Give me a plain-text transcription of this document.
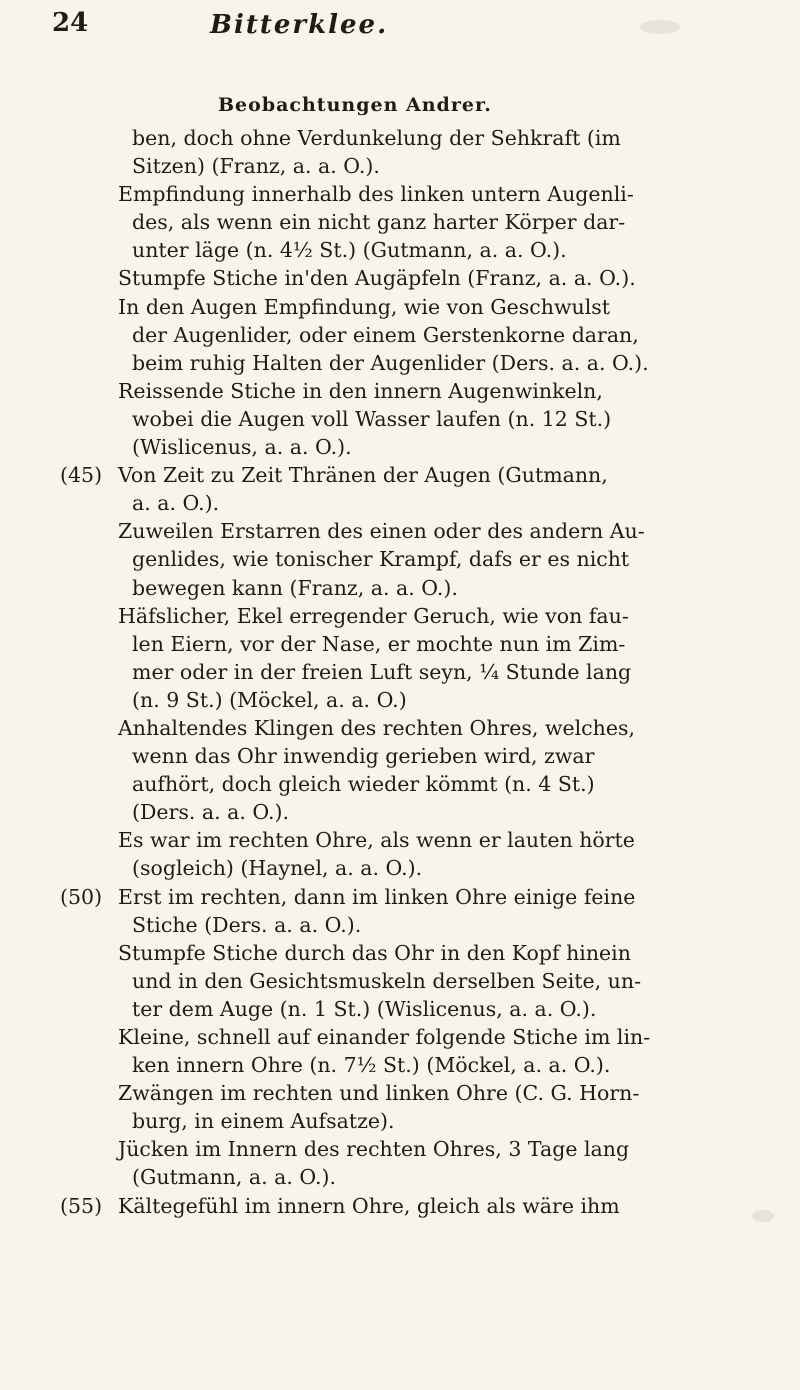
24	Bitterklee.
Beobachtungen Andrer.
ben, doch ohne Verdunkelung der Sehkraft (im
Sitzen) (Franz, a. a. O.).
Empfindung innerhalb des linken untern Augenli-
des, als wenn ein nicht ganz harter Körper dar-
unter läge (n. 4½ St.) (Gutmann, a. a. O.).
Stumpfe Stiche in'den Augäpfeln (Franz, a. a. O.).
In den Augen Empfindung, wie von Geschwulst
der Augenlider, oder einem Gerstenkorne daran,
beim ruhig Halten der Augenlider (Ders. a. a. O.).
Reissende Stiche in den innern Augenwinkeln,
wobei die Augen voll Wasser laufen (n. 12 St.)
(Wislicenus, a. a. O.).
(45) Von Zeit zu Zeit Thränen der Augen (Gutmann,
a. a. O.).
Zuweilen Erstarren des einen oder des andern Au-
genlides, wie tonischer Krampf, dafs er es nicht
bewegen kann (Franz, a. a. O.).
Häfslicher, Ekel erregender Geruch, wie von fau-
len Eiern, vor der Nase, er mochte nun im Zim-
mer oder in der freien Luft seyn, ¼ Stunde lang
(n. 9 St.) (Möckel, a. a. O.)
Anhaltendes Klingen des rechten Ohres, welches,
wenn das Ohr inwendig gerieben wird, zwar
aufhört, doch gleich wieder kömmt (n. 4 St.)
(Ders. a. a. O.).
Es war im rechten Ohre, als wenn er lauten hörte
(sogleich) (Haynel, a. a. O.).
(50) Erst im rechten, dann im linken Ohre einige feine
Stiche (Ders. a. a. O.).
Stumpfe Stiche durch das Ohr in den Kopf hinein
und in den Gesichtsmuskeln derselben Seite, un-
ter dem Auge (n. 1 St.) (Wislicenus, a. a. O.).
Kleine, schnell auf einander folgende Stiche im lin-
ken innern Ohre (n. 7½ St.) (Möckel, a. a. O.).
Zwängen im rechten und linken Ohre (C. G. Horn-
burg, in einem Aufsatze).
Jücken im Innern des rechten Ohres, 3 Tage lang
(Gutmann, a. a. O.).
(55) Kältegefühl im innern Ohre, gleich als wäre ihm
